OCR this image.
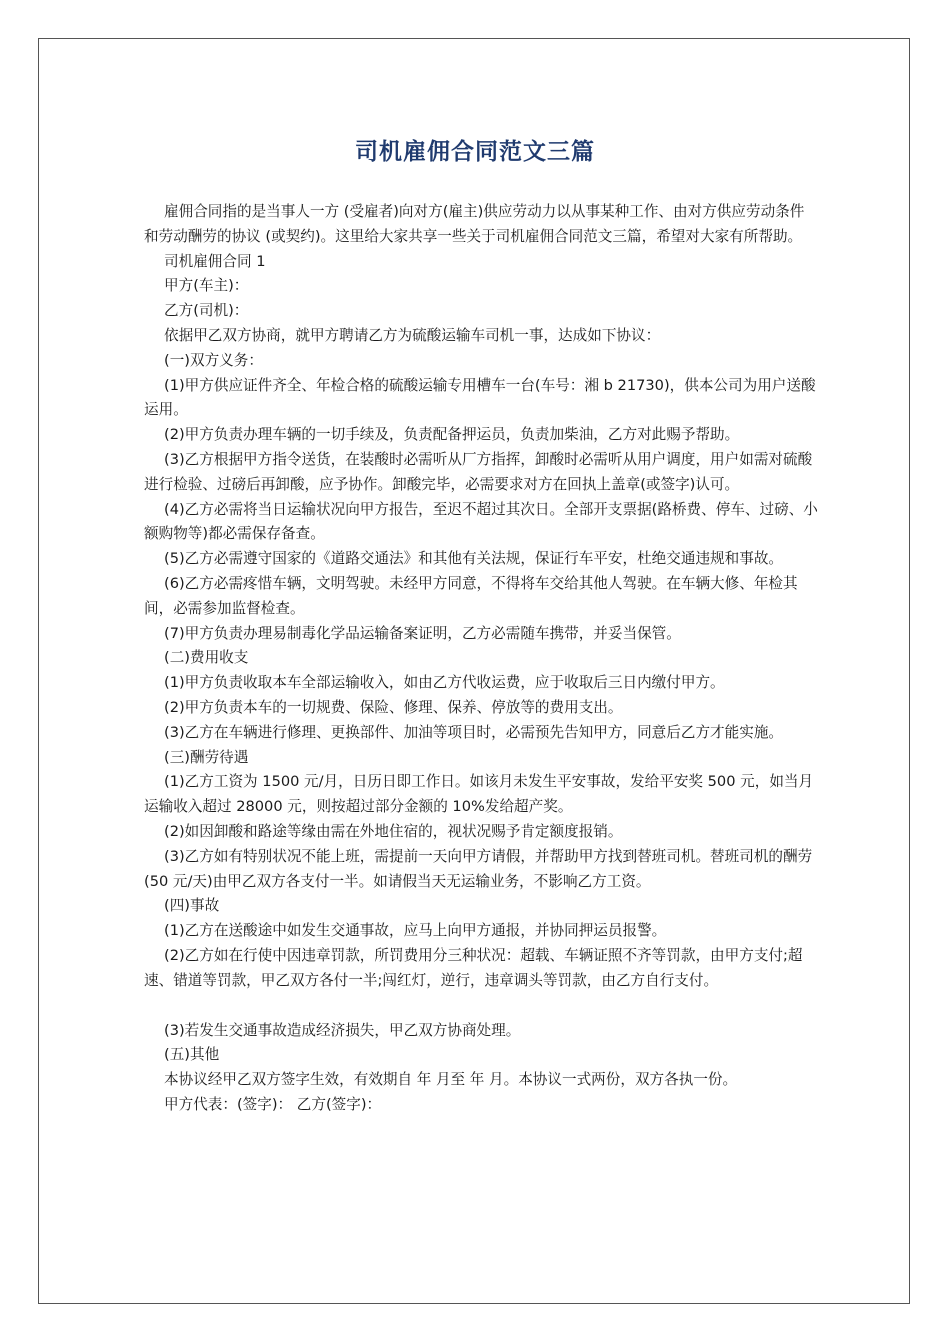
司机雇佣合同范文三篇

雇佣合同指的是当事人一方 (受雇者)向对方(雇主)供应劳动力以从事某种工作、由对方供应劳动条件和劳动酬劳的协议 (或契约)。这里给大家共享一些关于司机雇佣合同范文三篇，希望对大家有所帮助。

司机雇佣合同 1

甲方(车主)：

乙方(司机)：

依据甲乙双方协商，就甲方聘请乙方为硫酸运输车司机一事，达成如下协议：

(一)双方义务：

(1)甲方供应证件齐全、年检合格的硫酸运输专用槽车一台(车号：湘 b 21730)，供本公司为用户送酸运用。

(2)甲方负责办理车辆的一切手续及，负责配备押运员，负责加柴油，乙方对此赐予帮助。

(3)乙方根据甲方指令送货，在装酸时必需听从厂方指挥，卸酸时必需听从用户调度，用户如需对硫酸进行检验、过磅后再卸酸，应予协作。卸酸完毕，必需要求对方在回执上盖章(或签字)认可。

(4)乙方必需将当日运输状况向甲方报告，至迟不超过其次日。全部开支票据(路桥费、停车、过磅、小额购物等)都必需保存备查。

(5)乙方必需遵守国家的《道路交通法》和其他有关法规，保证行车平安，杜绝交通违规和事故。

(6)乙方必需疼惜车辆，文明驾驶。未经甲方同意，不得将车交给其他人驾驶。在车辆大修、年检其间，必需参加监督检查。

(7)甲方负责办理易制毒化学品运输备案证明，乙方必需随车携带，并妥当保管。

(二)费用收支

(1)甲方负责收取本车全部运输收入，如由乙方代收运费，应于收取后三日内缴付甲方。

(2)甲方负责本车的一切规费、保险、修理、保养、停放等的费用支出。

(3)乙方在车辆进行修理、更换部件、加油等项目时，必需预先告知甲方，同意后乙方才能实施。

(三)酬劳待遇

(1)乙方工资为 1500 元/月，日历日即工作日。如该月未发生平安事故，发给平安奖 500 元，如当月运输收入超过 28000 元，则按超过部分金额的 10%发给超产奖。

(2)如因卸酸和路途等缘由需在外地住宿的，视状况赐予肯定额度报销。

(3)乙方如有特别状况不能上班，需提前一天向甲方请假，并帮助甲方找到替班司机。替班司机的酬劳(50 元/天)由甲乙双方各支付一半。如请假当天无运输业务，不影响乙方工资。

(四)事故

(1)乙方在送酸途中如发生交通事故，应马上向甲方通报，并协同押运员报警。

(2)乙方如在行使中因违章罚款，所罚费用分三种状况：超载、车辆证照不齐等罚款，由甲方支付;超速、错道等罚款，甲乙双方各付一半;闯红灯，逆行，违章调头等罚款，由乙方自行支付。

(3)若发生交通事故造成经济损失，甲乙双方协商处理。

(五)其他

本协议经甲乙双方签字生效，有效期自 年 月至 年 月。本协议一式两份，双方各执一份。

甲方代表：(签字)： 乙方(签字)：
